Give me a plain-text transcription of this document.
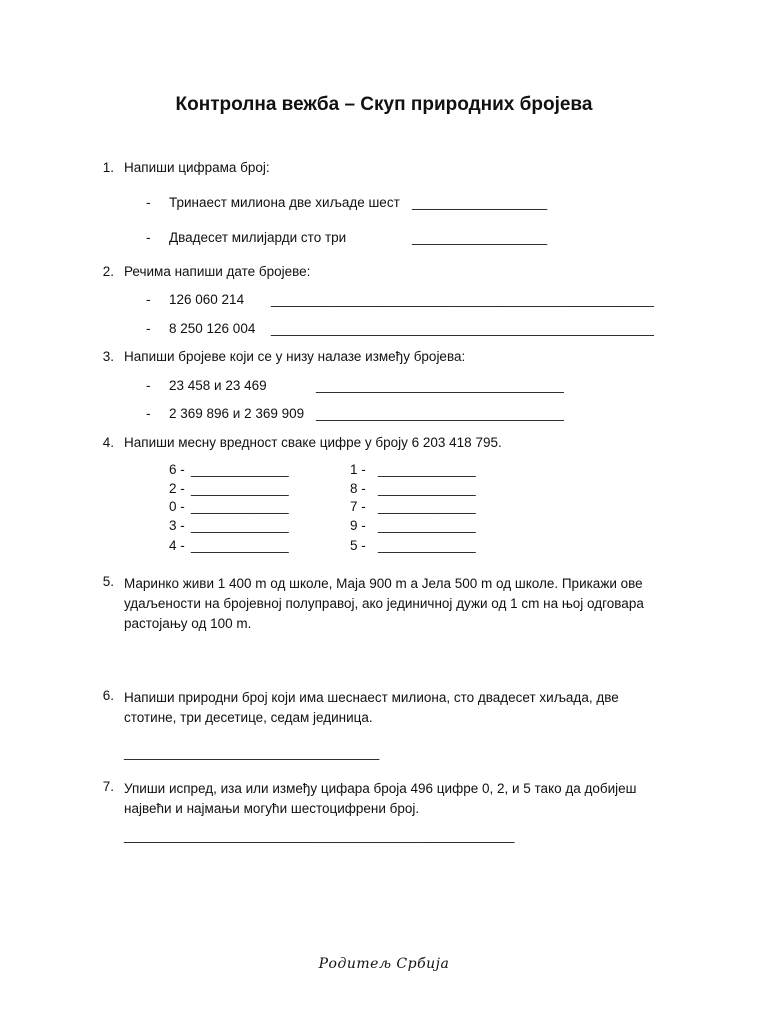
Контролна вежба – Скуп природних бројева
1. Напиши цифрама број:
- Тринаест милиона две хиљаде шест __________________
- Двадесет милијарди сто три	__________________
2. Речима напиши дате бројеве:
- 126 060 214 ___________________________________________________
- 8 250 126 004 ___________________________________________________
3. Напиши бројеве који се у низу налазе између бројева:
- 23 458 и 23 469	_________________________________
- 2 369 896 и 2 369 909 _________________________________
4. Напиши месну вредност сваке цифре у броју 6 203 418 795.
6 - _____________	1 - _____________
2 - _____________	8 - _____________
0 - _____________	7 - _____________
3 - _____________	9 - _____________
4 - _____________	5 - _____________
5. Маринко живи 1 400 m од школе, Маја 900 m а Јела 500 m од школе. Прикажи ове удаљености на бројевној полуправој, ако јединичној дужи од 1 cm на њој одговара растојању од 100 m.
6. Напиши природни број који има шеснаест милиона, сто двадесет хиљада, две стотине, три десетице, седам јединица.
__________________________________
7. Упиши испред, иза или између цифара броја 496 цифре 0, 2, и 5 тако да добијеш највећи и најмањи могући шестоцифрени број.
____________________________________________________
Родитељ Србија
